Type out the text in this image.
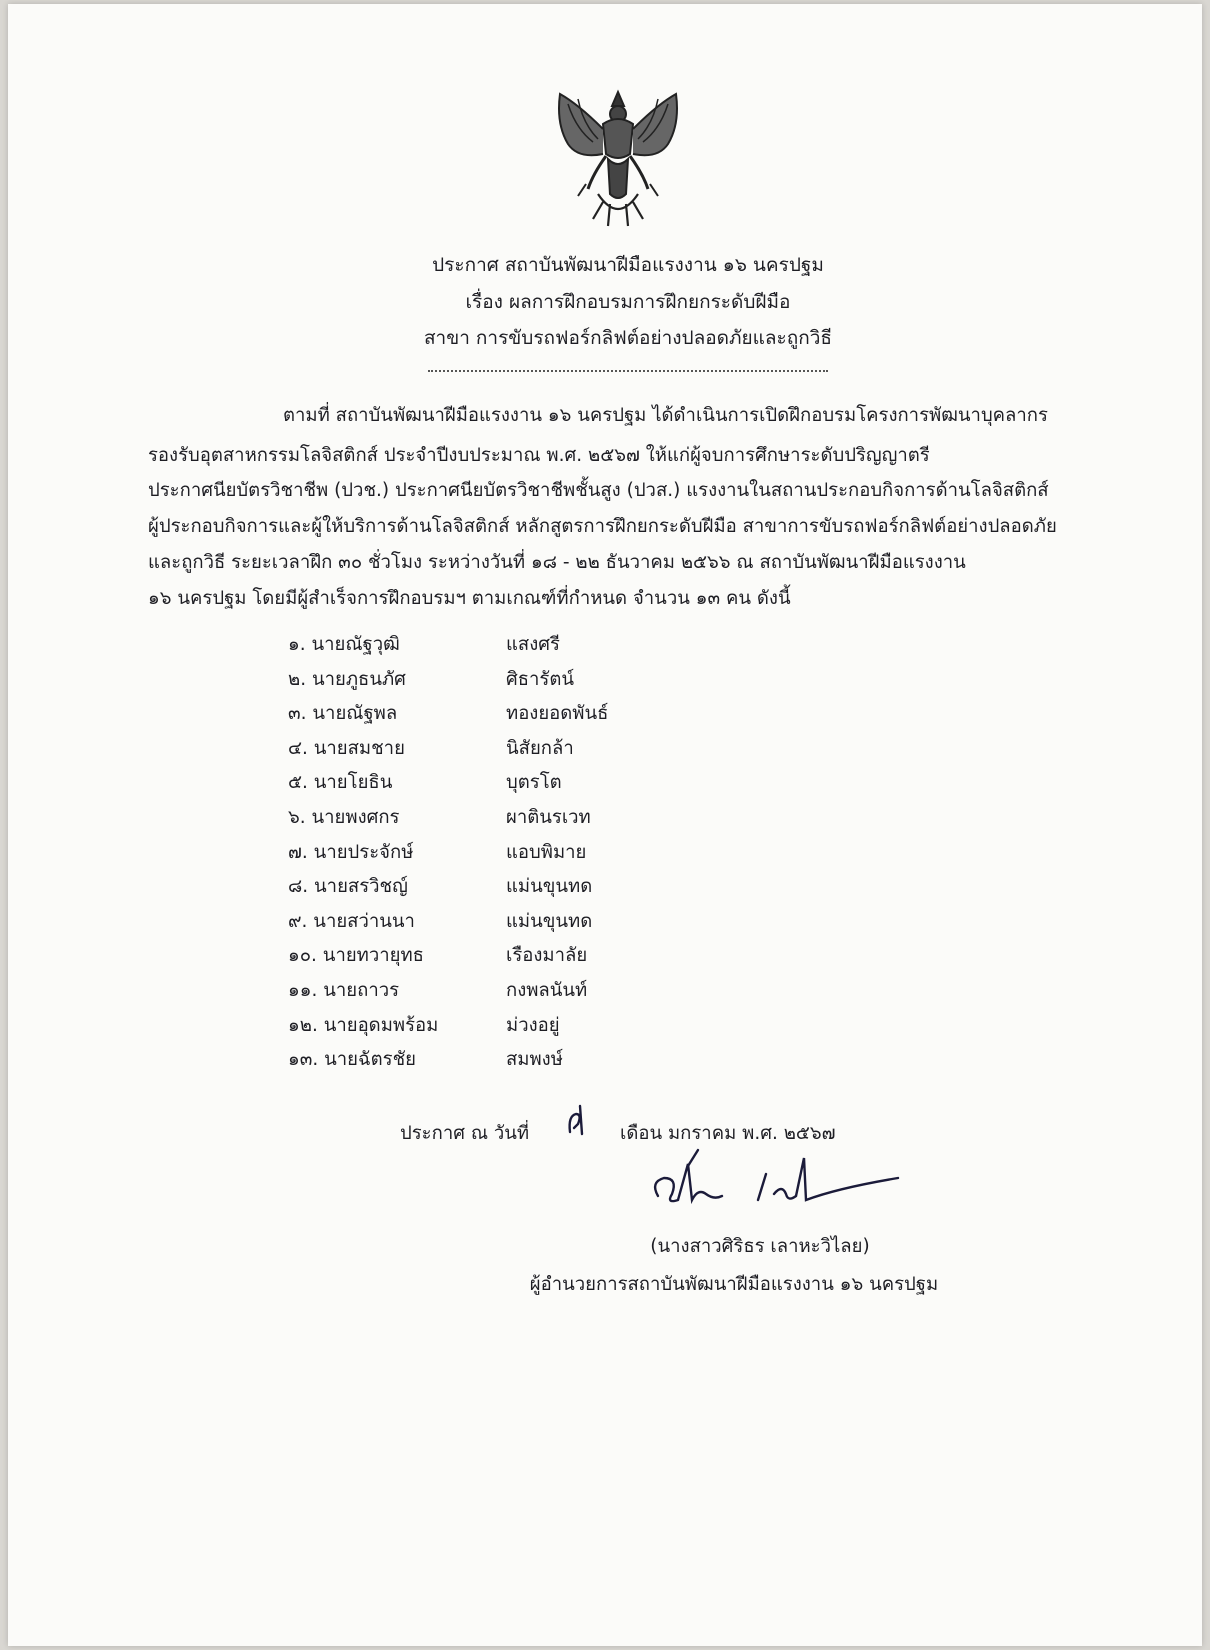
ประกาศ สถาบันพัฒนาฝีมือแรงงาน ๑๖ นครปฐม
เรื่อง ผลการฝึกอบรมการฝึกยกระดับฝีมือ
สาขา การขับรถฟอร์กลิฟต์อย่างปลอดภัยและถูกวิธี
ตามที่ สถาบันพัฒนาฝีมือแรงงาน ๑๖ นครปฐม ได้ดำเนินการเปิดฝึกอบรมโครงการพัฒนาบุคลากร
รองรับอุตสาหกรรมโลจิสติกส์ ประจำปีงบประมาณ พ.ศ. ๒๕๖๗ ให้แก่ผู้จบการศึกษาระดับปริญญาตรี
ประกาศนียบัตรวิชาชีพ (ปวช.) ประกาศนียบัตรวิชาชีพชั้นสูง (ปวส.) แรงงานในสถานประกอบกิจการด้านโลจิสติกส์
ผู้ประกอบกิจการและผู้ให้บริการด้านโลจิสติกส์ หลักสูตรการฝึกยกระดับฝีมือ สาขาการขับรถฟอร์กลิฟต์อย่างปลอดภัย
และถูกวิธี ระยะเวลาฝึก ๓๐ ชั่วโมง ระหว่างวันที่ ๑๘ - ๒๒ ธันวาคม ๒๕๖๖ ณ สถาบันพัฒนาฝีมือแรงงาน
๑๖ นครปฐม โดยมีผู้สำเร็จการฝึกอบรมฯ ตามเกณฑ์ที่กำหนด จำนวน ๑๓ คน ดังนี้
๑. นายณัฐวุฒิ	แสงศรี
๒. นายภูธนภัศ	ศิธารัตน์
๓. นายณัฐพล	ทองยอดพันธ์
๔. นายสมชาย	นิสัยกล้า
๕. นายโยธิน	บุตรโต
๖. นายพงศกร	ผาตินรเวท
๗. นายประจักษ์	แอบพิมาย
๘. นายสรวิชญ์	แม่นขุนทด
๙. นายสว่านนา	แม่นขุนทด
๑๐. นายทวายุทธ	เรืองมาลัย
๑๑. นายถาวร	กงพลนันท์
๑๒. นายอุดมพร้อม	ม่วงอยู่
๑๓. นายฉัตรชัย	สมพงษ์
ประกาศ ณ วันที่	เดือน มกราคม พ.ศ. ๒๕๖๗
(นางสาวศิริธร เลาหะวิไลย)
ผู้อำนวยการสถาบันพัฒนาฝีมือแรงงาน ๑๖ นครปฐม
